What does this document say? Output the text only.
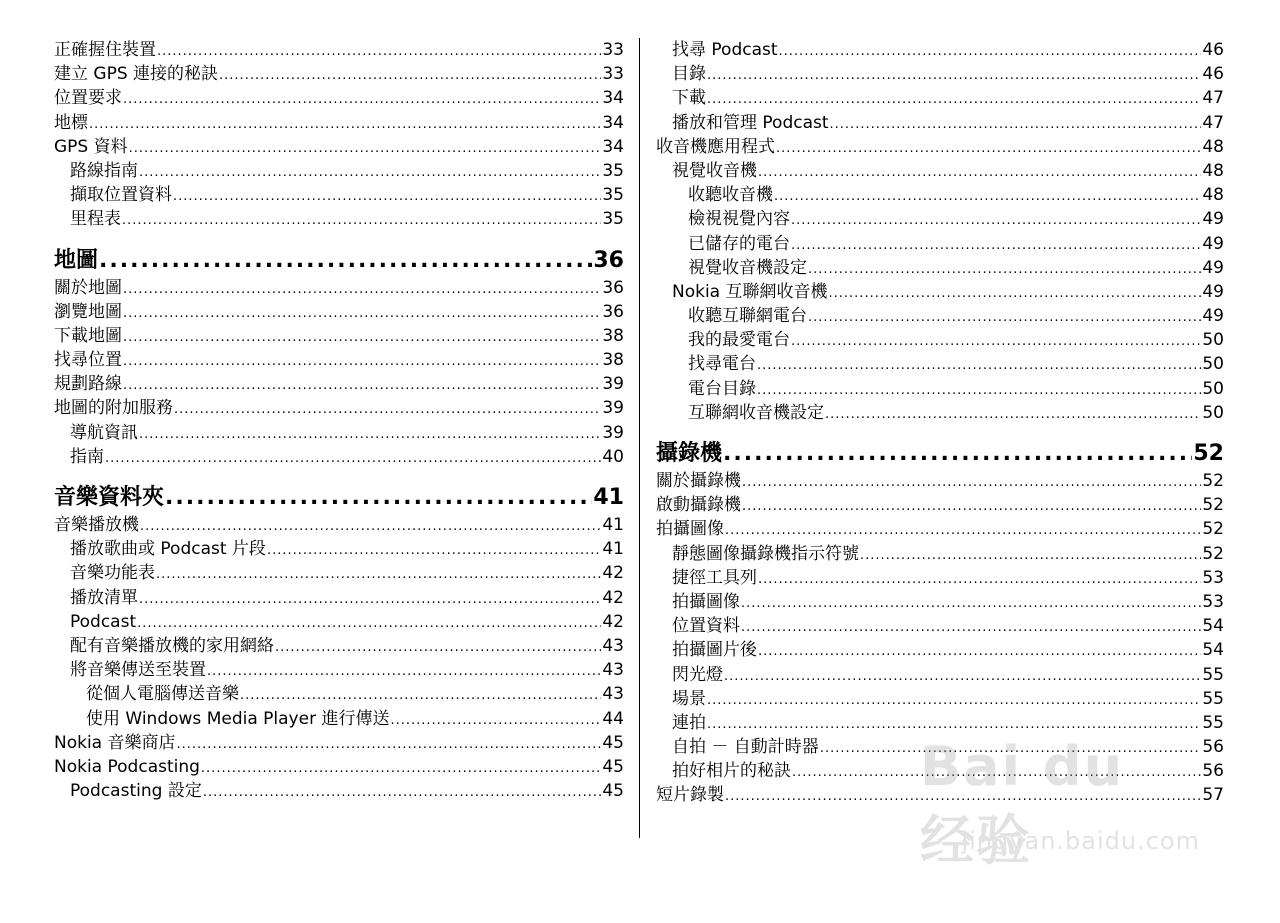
正確握住裝置 .....	33
建立 GPS 連接的秘訣 .....	33
位置要求 .....	34
地標 .....	34
GPS 資料 .....	34
路線指南 .....	35
擷取位置資料 .....	35
里程表 .....	35
地圖 .....	36
關於地圖 .....	36
瀏覽地圖 .....	36
下載地圖 .....	38
找尋位置 .....	38
規劃路線 .....	39
地圖的附加服務 .....	39
導航資訊 .....	39
指南 .....	40
音樂資料夾 .....	41
音樂播放機 .....	41
播放歌曲或 Podcast 片段 .....	41
音樂功能表 .....	42
播放清單 .....	42
Podcast .....	42
配有音樂播放機的家用網絡 .....	43
將音樂傳送至裝置 .....	43
從個人電腦傳送音樂 .....	43
使用 Windows Media Player 進行傳送 .....	44
Nokia 音樂商店 .....	45
Nokia Podcasting .....	45
Podcasting 設定 .....	45
找尋 Podcast .....	46
目錄 .....	46
下載 .....	47
播放和管理 Podcast .....	47
收音機應用程式 .....	48
視覺收音機 .....	48
收聽收音機 .....	48
檢視視覺內容 .....	49
已儲存的電台 .....	49
視覺收音機設定 .....	49
Nokia 互聯網收音機 .....	49
收聽互聯網電台 .....	49
我的最愛電台 .....	50
找尋電台 .....	50
電台目錄 .....	50
互聯網收音機設定 .....	50
攝錄機 .....	52
關於攝錄機 .....	52
啟動攝錄機 .....	52
拍攝圖像 .....	52
靜態圖像攝錄機指示符號 .....	52
捷徑工具列 .....	53
拍攝圖像 .....	53
位置資料 .....	54
拍攝圖片後 .....	54
閃光燈 .....	55
場景 .....	55
連拍 .....	55
自拍 － 自動計時器 .....	56
拍好相片的秘訣 .....	56
短片錄製 .....	57
Bai du 经验
jingyan.baidu.com
